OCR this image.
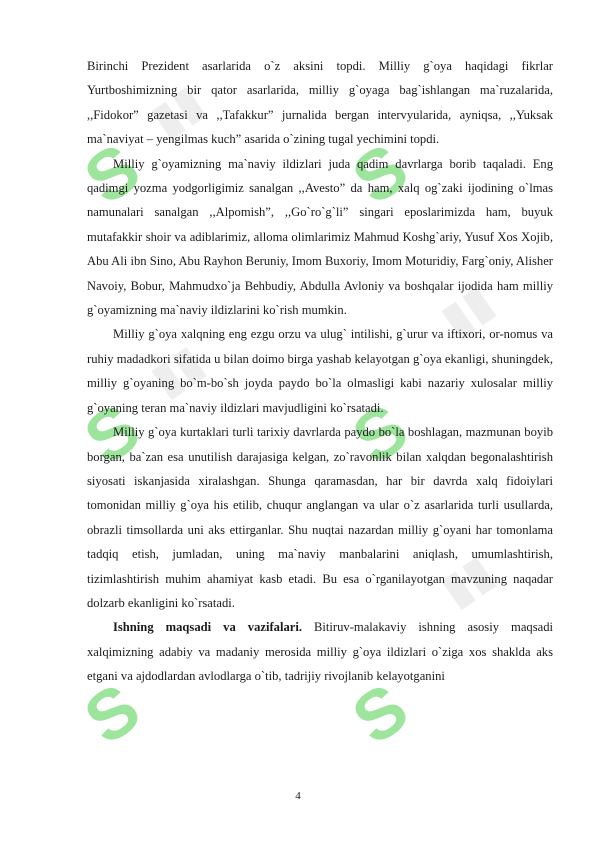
S	S
S	S
S	S
▮▮
▮▮
▮▮
▮▮

Birinchi Prezident asarlarida o`z aksini topdi. Milliy g`oya haqidagi fikrlar Yurtboshimizning bir qator asarlarida, milliy g`oyaga bag`ishlangan ma`ruzalarida, ,,Fidokor” gazetasi va ,,Tafakkur” jurnalida bergan intervyularida, ayniqsa, ,,Yuksak ma`naviyat – yengilmas kuch” asarida o`zining tugal yechimini topdi.

Milliy g`oyamizning ma`naviy ildizlari juda qadim davrlarga borib taqaladi. Eng qadimgi yozma yodgorligimiz sanalgan ,,Avesto” da ham, xalq og`zaki ijodining o`lmas namunalari sanalgan ,,Alpomish”, ,,Go`ro`g`li” singari eposlarimizda ham, buyuk mutafakkir shoir va adiblarimiz, alloma olimlarimiz Mahmud Koshg`ariy, Yusuf Xos Xojib, Abu Ali ibn Sino, Abu Rayhon Beruniy, Imom Buxoriy, Imom Moturidiy, Farg`oniy, Alisher Navoiy, Bobur, Mahmudxo`ja Behbudiy, Abdulla Avloniy va boshqalar ijodida ham milliy g`oyamizning ma`naviy ildizlarini ko`rish mumkin.

Milliy g`oya xalqning eng ezgu orzu va ulug` intilishi, g`urur va iftixori, or-nomus va ruhiy madadkori sifatida u bilan doimo birga yashab kelayotgan g`oya ekanligi, shuningdek, milliy g`oyaning bo`m-bo`sh joyda paydo bo`la olmasligi kabi nazariy xulosalar milliy g`oyaning teran ma`naviy ildizlari mavjudligini ko`rsatadi.

Milliy g`oya kurtaklari turli tarixiy davrlarda paydo bo`la boshlagan, mazmunan boyib borgan, ba`zan esa unutilish darajasiga kelgan, zo`ravonlik bilan xalqdan begonalashtirish siyosati iskanjasida xiralashgan. Shunga qaramasdan, har bir davrda xalq fidoiylari tomonidan milliy g`oya his etilib, chuqur anglangan va ular o`z asarlarida turli usullarda, obrazli timsollarda uni aks ettirganlar. Shu nuqtai nazardan milliy g`oyani har tomonlama tadqiq etish, jumladan, uning ma`naviy manbalarini aniqlash, umumlashtirish, tizimlashtirish muhim ahamiyat kasb etadi. Bu esa o`rganilayotgan mavzuning naqadar dolzarb ekanligini ko`rsatadi.

Ishning maqsadi va vazifalari. Bitiruv-malakaviy ishning asosiy maqsadi xalqimizning adabiy va madaniy merosida milliy g`oya ildizlari o`ziga xos shaklda aks etgani va ajdodlardan avlodlarga o`tib, tadrijiy rivojlanib kelayotganini

4
